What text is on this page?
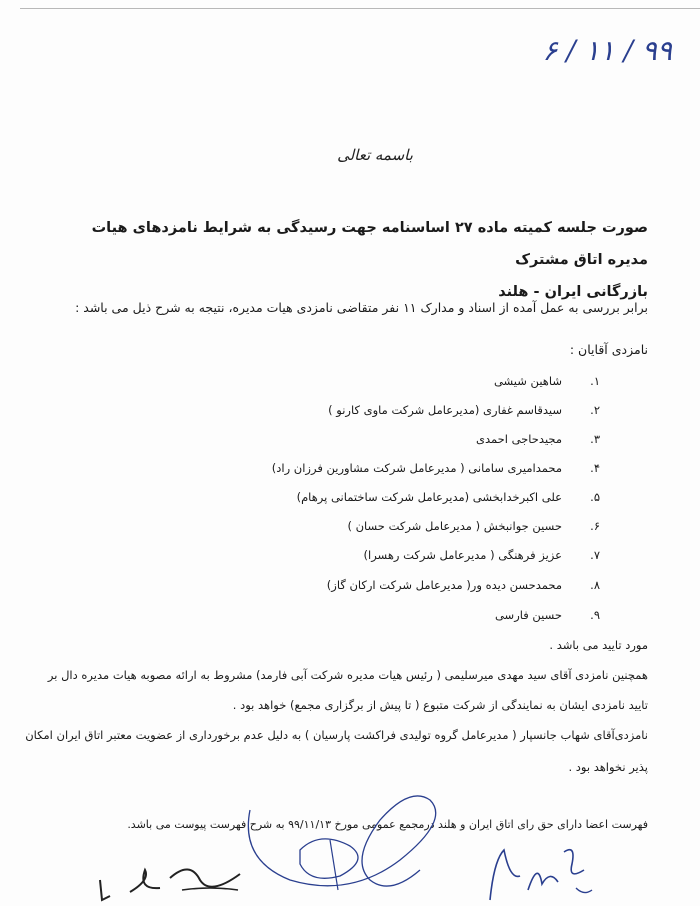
۹۹ / ۱۱ / ۶
باسمه تعالی
صورت جلسه کمیته ماده ۲۷ اساسنامه جهت رسیدگی به شرایط نامزدهای هیات مدیره اتاق مشترک
بازرگانی ایران - هلند
برابر بررسی به عمل آمده از اسناد و مدارک ۱۱ نفر متقاضی نامزدی هیات مدیره، نتیجه به شرح ذیل می باشد :
نامزدی آقایان :
۱.
شاهین شیشی
۲.
سیدقاسم غفاری (مدیرعامل شرکت ماوی کارنو )
۳.
مجیدحاجی احمدی
۴.
محمدامیری سامانی ( مدیرعامل شرکت مشاورین فرزان راد)
۵.
علی اکبرخدابخشی (مدیرعامل شرکت ساختمانی پرهام)
۶.
حسین جوانبخش ( مدیرعامل شرکت حسان )
۷.
عزیز فرهنگی ( مدیرعامل شرکت رهسرا)
۸.
محمدحسن دیده ور( مدیرعامل شرکت ارکان گاز)
۹.
حسین فارسی
مورد تایید می باشد .
همچنین نامزدی آقای سید مهدی میرسلیمی ( رئیس هیات مدیره شرکت آبی فارمد) مشروط به ارائه مصوبه هیات مدیره دال بر
تایید نامزدی ایشان به نمایندگی از شرکت متبوع ( تا پیش از برگزاری مجمع) خواهد بود .
نامزدی‌آقای شهاب جانسپار ( مدیرعامل گروه تولیدی فراکشت پارسیان ) به دلیل عدم برخورداری از عضویت معتبر اتاق ایران امکان
پذیر نخواهد بود .
فهرست اعضا دارای حق رای اتاق ایران و هلند درمجمع عمومی مورخ ۹۹/۱۱/۱۳ به شرح فهرست پیوست می باشد.
